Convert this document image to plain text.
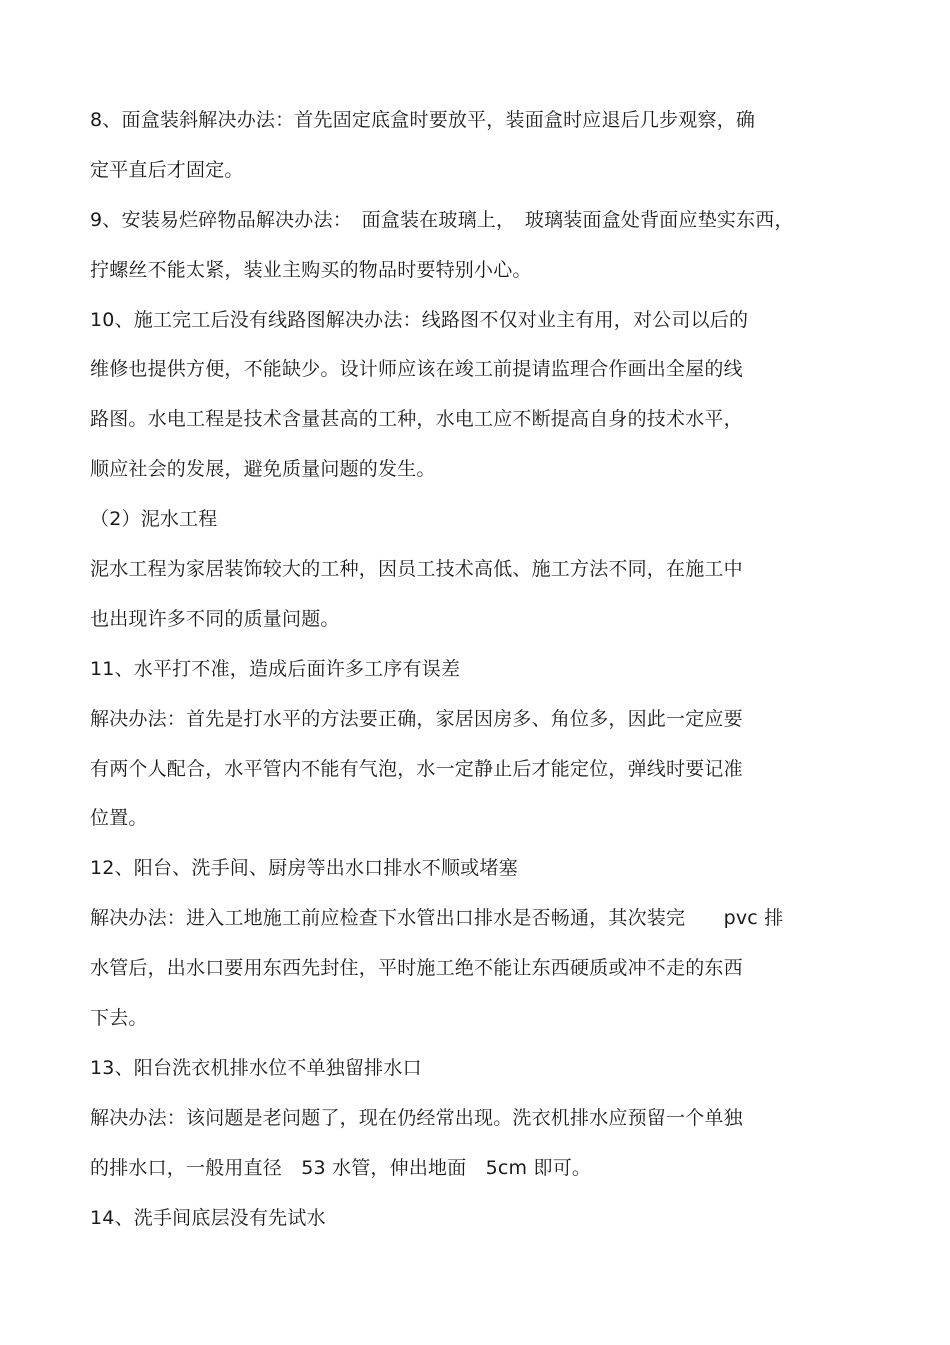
8、面盒装斜解决办法：首先固定底盒时要放平，装面盒时应退后几步观察，确
定平直后才固定。
9、安装易烂碎物品解决办法：　面盒装在玻璃上，　玻璃装面盒处背面应垫实东西，
拧螺丝不能太紧，装业主购买的物品时要特别小心。
10、施工完工后没有线路图解决办法：线路图不仅对业主有用，对公司以后的
维修也提供方便，不能缺少。设计师应该在竣工前提请监理合作画出全屋的线
路图。水电工程是技术含量甚高的工种，水电工应不断提高自身的技术水平，
顺应社会的发展，避免质量问题的发生。
（2）泥水工程
泥水工程为家居装饰较大的工种，因员工技术高低、施工方法不同，在施工中
也出现许多不同的质量问题。
11、水平打不准，造成后面许多工序有误差
解决办法：首先是打水平的方法要正确，家居因房多、角位多，因此一定应要
有两个人配合，水平管内不能有气泡，水一定静止后才能定位，弹线时要记准
位置。
12、阳台、洗手间、厨房等出水口排水不顺或堵塞
解决办法：进入工地施工前应检查下水管出口排水是否畅通，其次装完　　pvc 排
水管后，出水口要用东西先封住，平时施工绝不能让东西硬质或冲不走的东西
下去。
13、阳台洗衣机排水位不单独留排水口
解决办法：该问题是老问题了，现在仍经常出现。洗衣机排水应预留一个单独
的排水口，一般用直径　53 水管，伸出地面　5cm 即可。
14、洗手间底层没有先试水
